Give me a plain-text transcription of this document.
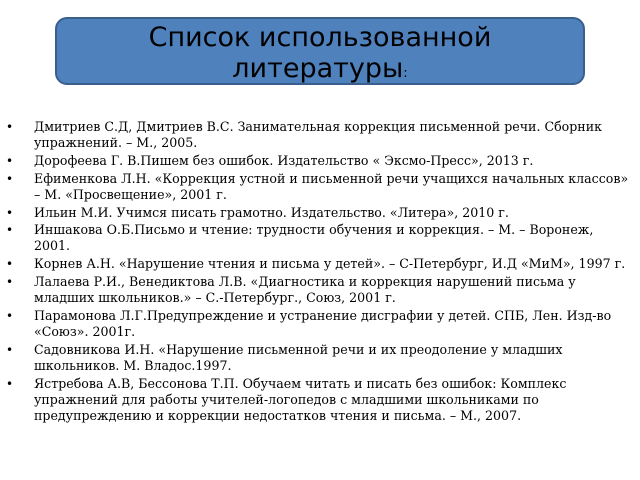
Список использованной литературы:
• Дмитриев С.Д, Дмитриев В.С. Занимательная коррекция письменной речи. Сборник упражнений. – М., 2005.
• Дорофеева Г. В.Пишем без ошибок. Издательство « Эксмо-Пресс», 2013 г.
• Ефименкова Л.Н. «Коррекция устной и письменной речи учащихся начальных классов» – М. «Просвещение», 2001 г.
• Ильин М.И. Учимся писать грамотно. Издательство. «Литера», 2010 г.
• Иншакова О.Б.Письмо и чтение: трудности обучения и коррекция. – М. – Воронеж, 2001.
• Корнев А.Н. «Нарушение чтения и письма у детей». – С-Петербург, И.Д «МиМ», 1997 г.
• Лалаева Р.И., Венедиктова Л.В. «Диагностика и коррекция нарушений письма у младших школьников.» – С.-Петербург., Союз, 2001 г.
• Парамонова Л.Г.Предупреждение и устранение дисграфии у детей. СПБ, Лен. Изд-во «Союз». 2001г.
• Садовникова И.Н. «Нарушение письменной речи и их преодоление у младших школьников. М. Владос.1997.
• Ястребова А.В, Бессонова Т.П. Обучаем читать и писать без ошибок: Комплекс упражнений для работы учителей-логопедов с младшими школьниками по предупреждению и коррекции недостатков чтения и письма. – М., 2007.
